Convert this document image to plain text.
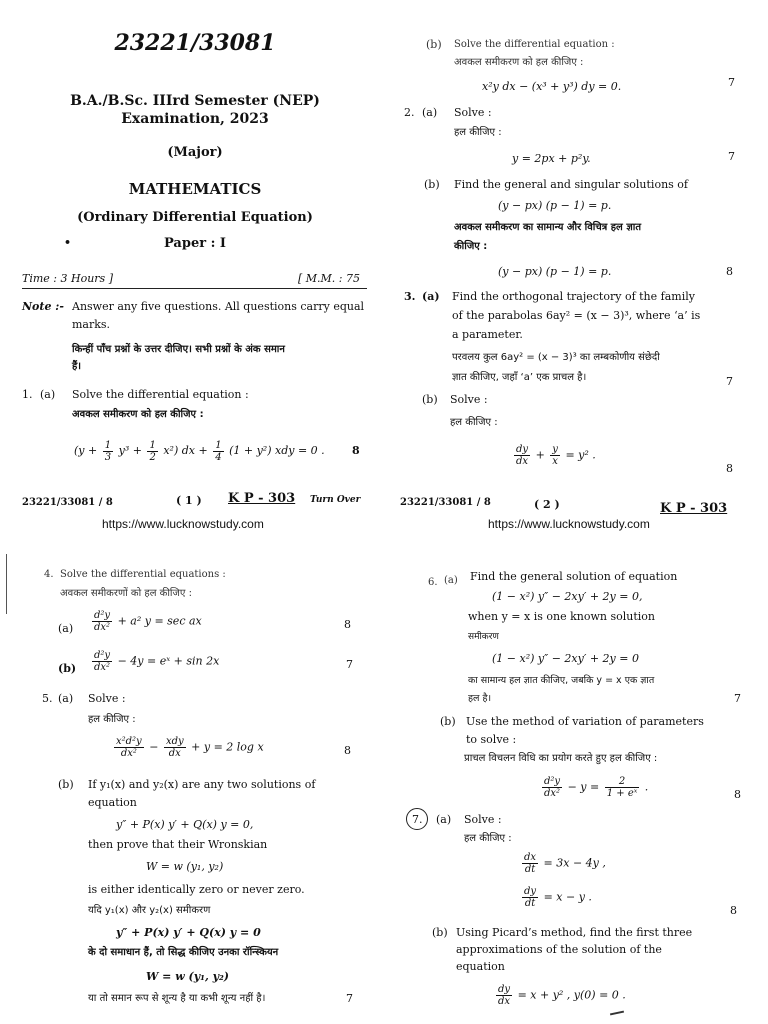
23221/33081
B.A./B.Sc. IIIrd Semester (NEP)
Examination, 2023
(Major)
MATHEMATICS
(Ordinary Differential Equation)
Paper : I
•
Time : 3 Hours ]	[ M.M. : 75
Note :- Answer any five questions. All questions carry equal
marks.
किन्हीं पाँच प्रश्नों के उत्तर दीजिए। सभी प्रश्नों के अंक समान
हैं।
1. (a) Solve the differential equation :
अवकल समीकरण को हल कीजिए :
$(y + \frac{1}{3} y^3 + \frac{1}{2} x^2)$ dx + $\frac{1}{4} (1 + y^2)$ xdy = 0 . 8
23221/33081 / 8	( 1 ) K P - 303 Turn Over
https://www.lucknowstudy.com
(b) Solve the differential equation :
अवकल समीकरण को हल कीजिए :
x²y dx − (x³ + y³) dy = 0.	7
2. (a) Solve :
हल कीजिए :
y = 2px + p²y.	7
(b) Find the general and singular solutions of
(y − px) (p − 1) = p.
अवकल समीकरण का सामान्य और विचित्र हल ज्ञात
कीजिए :
(y − px) (p − 1) = p.	8
3. (a) Find the orthogonal trajectory of the family
of the parabolas 6ay² = (x − 3)³, where ‘a’ is
a parameter.
परवलय कुल 6ay² = (x − 3)³ का लम्बकोणीय संछेदी
ज्ञात कीजिए, जहाँ ‘a’ एक प्राचल है।	7
(b) Solve :
हल कीजिए :
$\frac{dy}{dx} + \frac{y}{x} = y^2$ .
8
23221/33081 / 8	( 2 )	K P - 303
https://www.lucknowstudy.com
4. Solve the differential equations :
अवकल समीकरणों को हल कीजिए :
$(a) \frac{\text{d²y}}{\text{dx²}} + a^2$ y = sec ax	8
$(b) \frac{\text{d²y}}{\text{dx²}} - 4y$ = eˣ + sin 2x	7
5. (a) Solve :
हल कीजिए :
$\frac{\text{x²d²y}}{\text{dx²}} - \frac{\text{xdy}}{dx} + y = 2$ log x	8
(b) If y₁(x) and y₂(x) are any two solutions of
equation
y″ + P(x) y′ + Q(x) y = 0,
then prove that their Wronskian
W = w (y₁, y₂)
is either identically zero or never zero.
यदि y₁(x) और y₂(x) समीकरण
y″ + P(x) y′ + Q(x) y = 0
के दो समाधान हैं, तो सिद्ध कीजिए उनका रॉन्स्कियन
W = w (y₁, y₂)
या तो समान रूप से शून्य है या कभी शून्य नहीं है।	7
6. (a) Find the general solution of equation
(1 − x²) y″ − 2xy′ + 2y = 0,
when y = x is one known solution
समीकरण
(1 − x²) y″ − 2xy′ + 2y = 0
का सामान्य हल ज्ञात कीजिए, जबकि y = x एक ज्ञात
हल है।	7
(b) Use the method of variation of parameters
to solve :
प्राचल विचलन विधि का प्रयोग करते हुए हल कीजिए :
$\frac{\text{d²y}}{\text{dx²}} - y = \frac{2}{\text{1 + eˣ}}$ .
8
7. (a) Solve :
हल कीजिए :
$\frac{dx}{dt} = 3x - 4y$ ,
$\frac{dy}{dt} = x - y$ .
8
(b) Using Picard’s method, find the first three
approximations of the solution of the
equation
$\frac{dy}{dx} = x + y^2$ , y(0) = 0 .
